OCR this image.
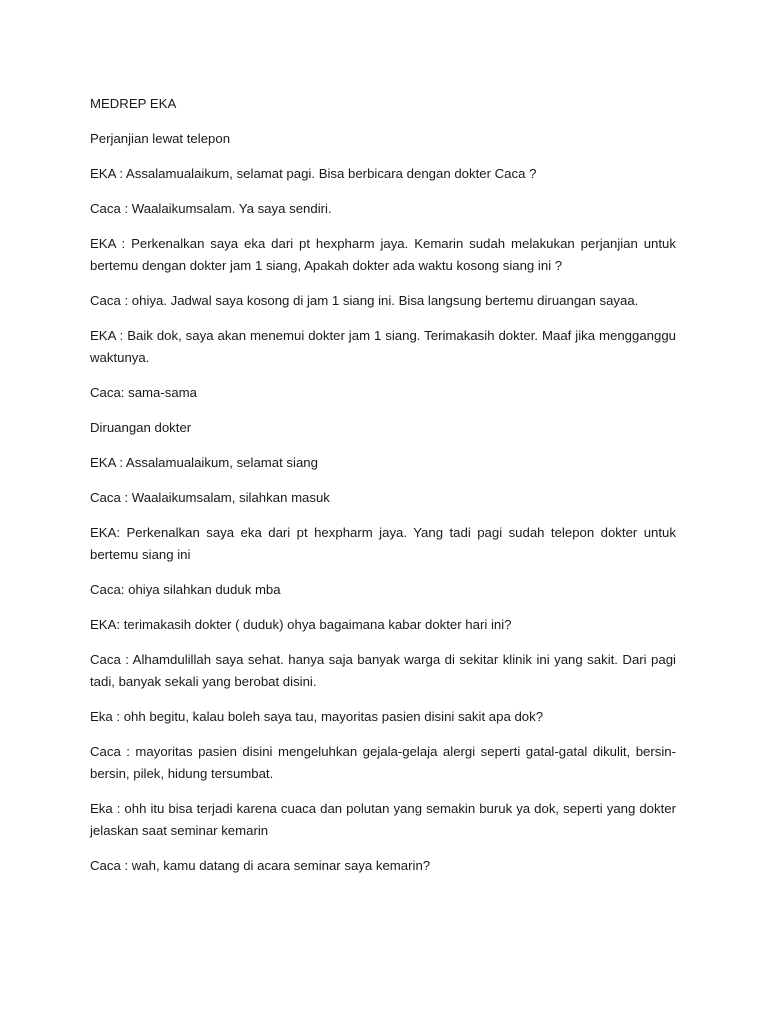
MEDREP EKA

Perjanjian lewat telepon

EKA : Assalamualaikum, selamat pagi. Bisa berbicara dengan dokter Caca ?

Caca : Waalaikumsalam. Ya saya sendiri.

EKA : Perkenalkan saya eka dari pt hexpharm jaya. Kemarin sudah melakukan perjanjian untuk bertemu dengan dokter jam 1 siang, Apakah dokter ada waktu kosong siang ini ?

Caca : ohiya. Jadwal saya kosong di jam 1 siang ini. Bisa langsung bertemu diruangan sayaa.

EKA : Baik dok, saya akan menemui dokter jam 1 siang. Terimakasih dokter. Maaf jika mengganggu waktunya.

Caca: sama-sama

Diruangan dokter

EKA : Assalamualaikum, selamat siang

Caca : Waalaikumsalam, silahkan masuk

EKA: Perkenalkan saya eka dari pt hexpharm jaya. Yang tadi pagi sudah telepon dokter untuk bertemu siang ini

Caca: ohiya silahkan duduk mba

EKA: terimakasih dokter ( duduk) ohya bagaimana kabar dokter hari ini?

Caca : Alhamdulillah saya sehat. hanya saja banyak warga di sekitar klinik ini yang sakit. Dari pagi tadi, banyak sekali yang berobat disini.

Eka : ohh begitu, kalau boleh saya tau, mayoritas pasien disini sakit apa dok?

Caca : mayoritas pasien disini mengeluhkan gejala-gelaja alergi seperti gatal-gatal dikulit, bersin-bersin, pilek, hidung tersumbat.

Eka : ohh itu bisa terjadi karena cuaca dan polutan yang semakin buruk ya dok, seperti yang dokter jelaskan saat seminar kemarin

Caca : wah, kamu datang di acara seminar saya kemarin?
